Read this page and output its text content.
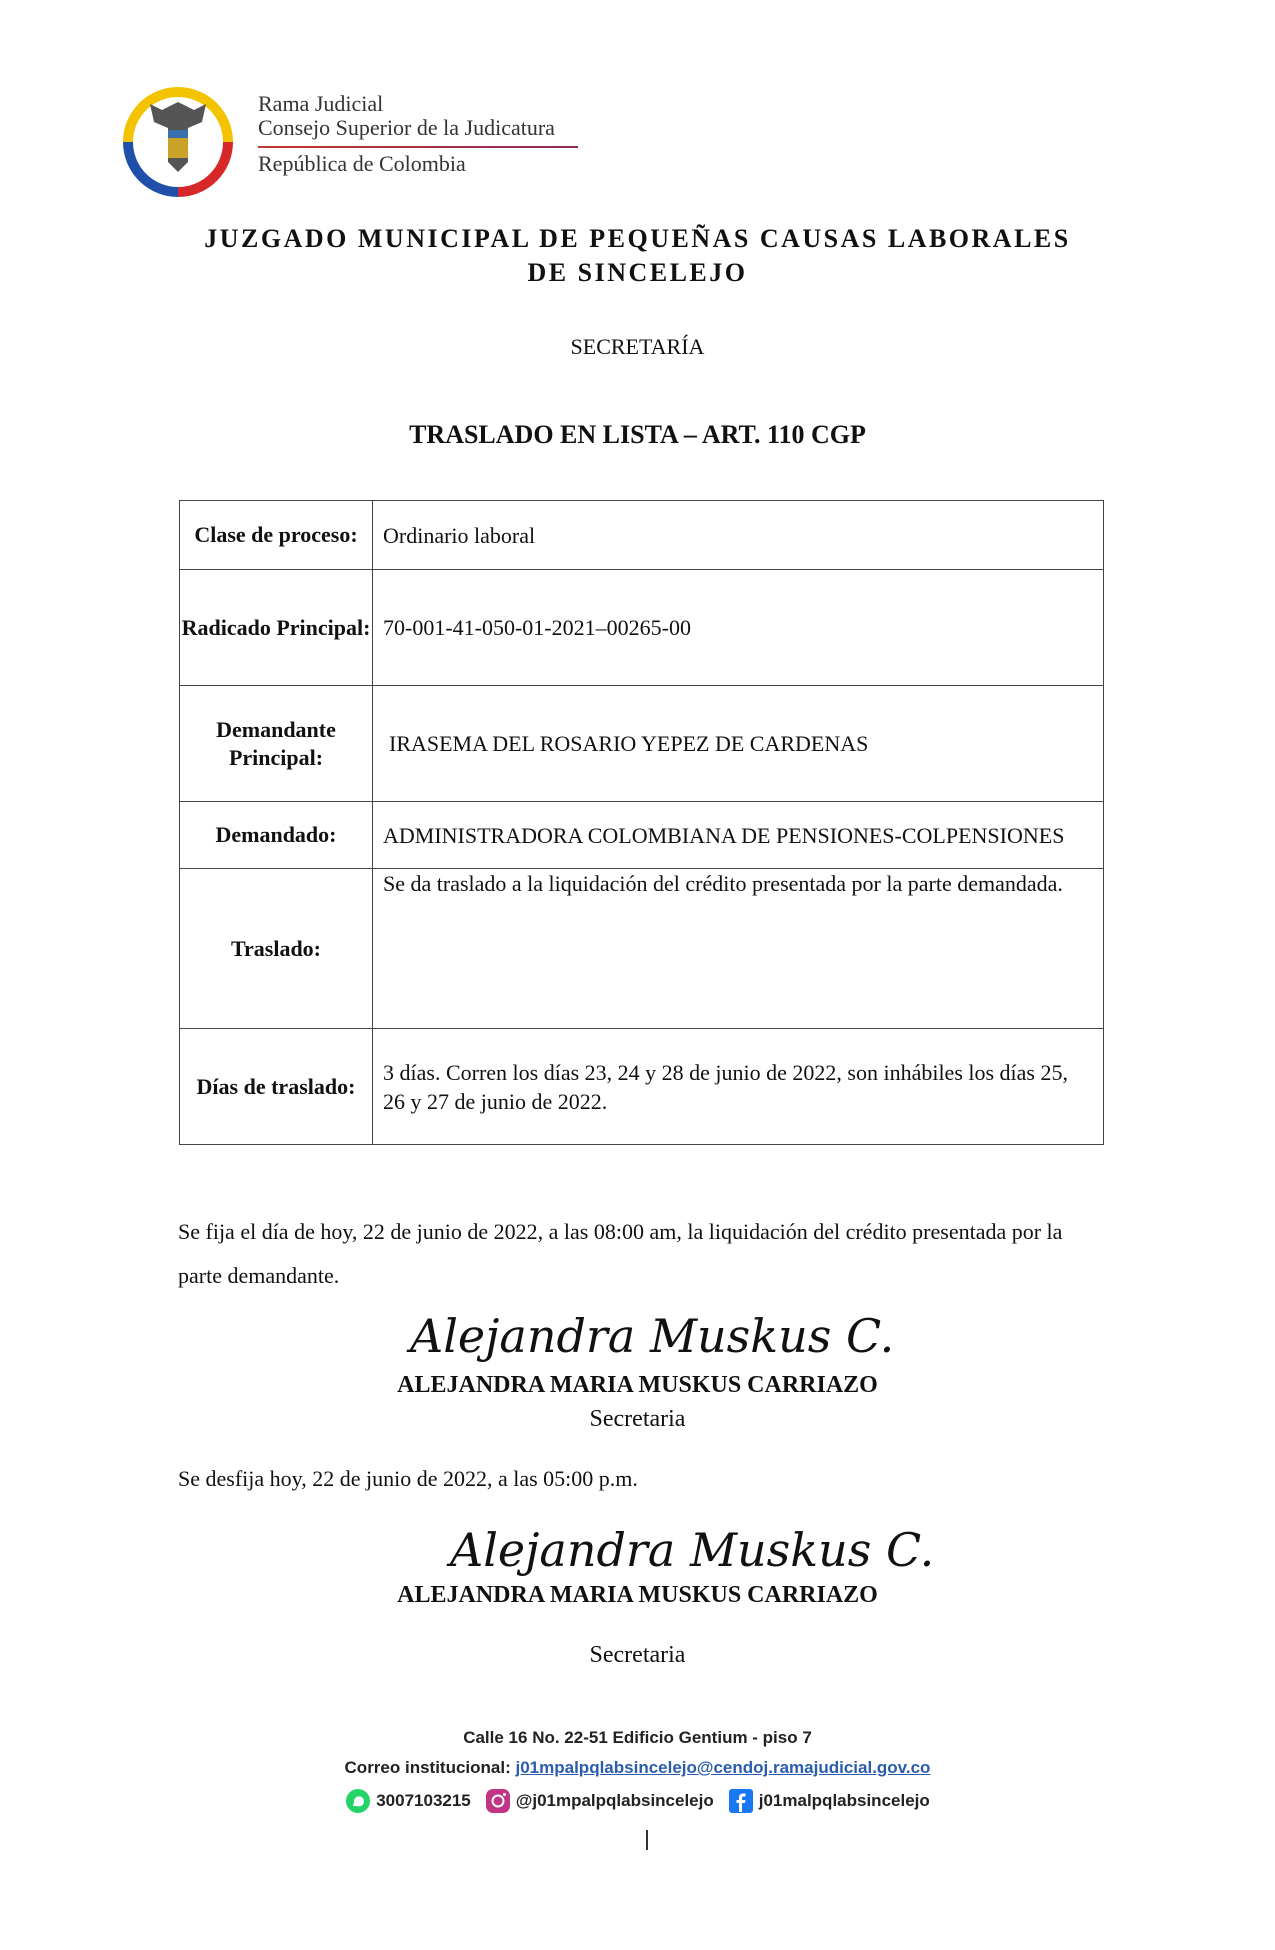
Rama Judicial
Consejo Superior de la Judicatura
República de Colombia
JUZGADO MUNICIPAL DE PEQUEÑAS CAUSAS LABORALES
DE SINCELEJO
SECRETARÍA
TRASLADO EN LISTA – ART. 110 CGP
Clase de proceso:	Ordinario laboral
Radicado Principal:	70-001-41-050-01-2021–00265-00
Demandante Principal:	IRASEMA DEL ROSARIO YEPEZ DE CARDENAS
Demandado:	ADMINISTRADORA COLOMBIANA DE PENSIONES-COLPENSIONES
Traslado:	Se da traslado a la liquidación del crédito presentada por la parte demandada.
Días de traslado:	3 días. Corren los días 23, 24 y 28 de junio de 2022, son inhábiles los días 25, 26 y 27 de junio de 2022.
Se fija el día de hoy, 22 de junio de 2022, a las 08:00 am, la liquidación del crédito presentada por la parte demandante.
Alejandra Muskus C.
ALEJANDRA MARIA MUSKUS CARRIAZO
Secretaria
Se desfija hoy, 22 de junio de 2022, a las 05:00 p.m.
Alejandra Muskus C.
ALEJANDRA MARIA MUSKUS CARRIAZO
Secretaria
Calle 16 No. 22-51 Edificio Gentium - piso 7
Correo institucional: j01mpalpqlabsincelejo@cendoj.ramajudicial.gov.co
3007103215	@j01mpalpqlabsincelejo	j01malpqlabsincelejo
